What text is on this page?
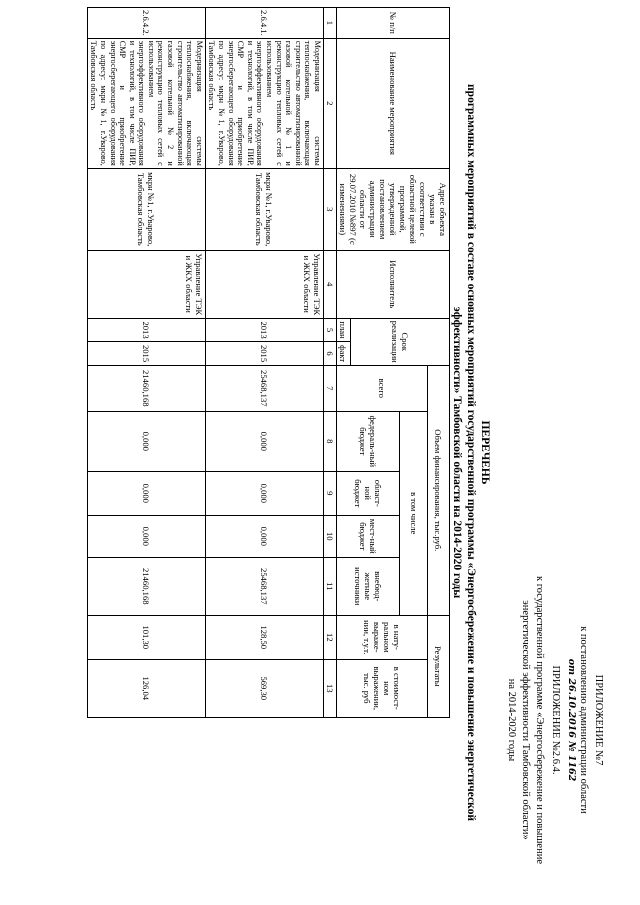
ПРИЛОЖЕНИЕ №7
к постановлению администрации области
от 26.10.2016 № 1162
ПРИЛОЖЕНИЕ №2.6.4.
к государственной программе «Энергосбережение и повышение
энергетической эффективности Тамбовской области»
на 2014-2020 годы
ПЕРЕЧЕНЬ
программных мероприятий в составе основных мероприятий государственной программы «Энергосбережение и повышение энергетической
эффективности» Тамбовской области на 2014-2020 годы
№ п/п	Наименование мероприятия	Адрес объекта указан в соответствии с областной целевой программой, утвержденной постановлением администрации области от 29.07.2010 №897 (с изменениями)	Исполнитель	Срок реализации		Объем финансирования, тыс.руб.					Результаты	
						всего	в том числе				в нату-ральном выраже-нии, т.у.т.	в стоимост-ном выражении, тыс. руб
							федераль-ный бюджет	област-ной бюджет	мест-ный бюджет	внебюд-жетные источники		
				план	факт							
1	2	3	4	5	6	7	8	9	10	11	12	13
2.6.4.1.	Модернизация системы теплоснабжения, включающая строительство автоматизированной газовой котельной №1 и реконструкцию тепловых сетей с использованием энергоэффективного оборудования и технологий, в том числе ПИР, СМР и приобретение энергосберегающего оборудования по адресу: мкрн №1, г.Уварово, Тамбовская область	мкрн №1, г.Уварово, Тамбовская область	Управление ТЭК и ЖКХ области	2013	2015	25468,137	0,000	0,000	0,000	25468,137	128,50	569,30
2.6.4.2.	Модернизация системы теплоснабжения, включающая строительство автоматизированной газовой котельной №2 и реконструкцию тепловых сетей с использованием энергоэффективного оборудования и технологий, в том числе ПИР, СМР и приобретение энергосберегающего оборудования по адресу: мкрн №1, г.Уварово, Тамбовская область	мкрн №1, г.Уварово, Тамбовская область	Управление ТЭК и ЖКХ области	2013	2015	21460,168	0,000	0,000	0,000	21460,168	101,30	126,04
